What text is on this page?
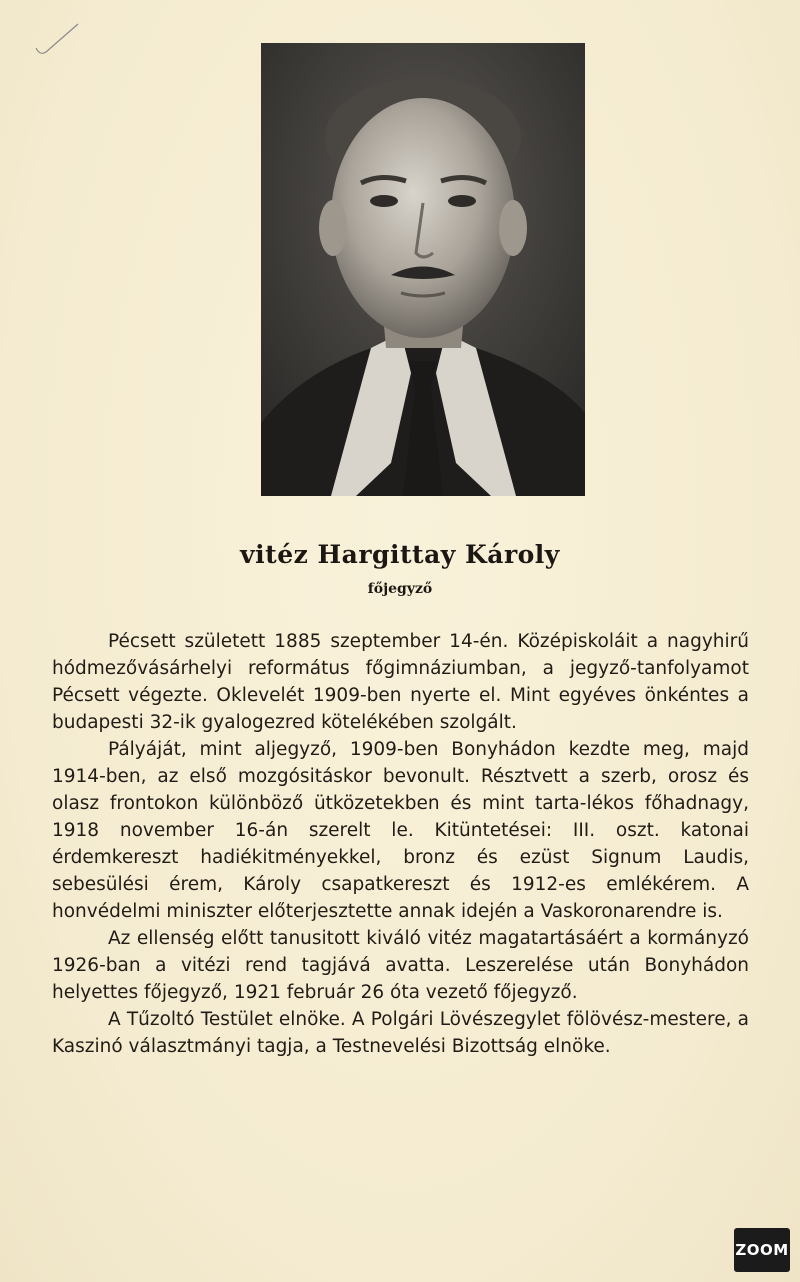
vitéz Hargittay Károly
főjegyző

Pécsett született 1885 szeptember 14-én. Középiskoláit a nagyhirű hódmezővásárhelyi református főgimnáziumban, a jegyző-tanfolyamot Pécsett végezte. Oklevelét 1909-ben nyerte el. Mint egyéves önkéntes a budapesti 32-ik gyalogezred kötelékében szolgált.

Pályáját, mint aljegyző, 1909-ben Bonyhádon kezdte meg, majd 1914-ben, az első mozgósitáskor bevonult. Résztvett a szerb, orosz és olasz frontokon különböző ütközetekben és mint tarta-lékos főhadnagy, 1918 november 16-án szerelt le. Kitüntetései: III. oszt. katonai érdemkereszt hadiékitményekkel, bronz és ezüst Signum Laudis, sebesülési érem, Károly csapatkereszt és 1912-es emlékérem. A honvédelmi miniszter előterjesztette annak idején a Vaskoronarendre is.

Az ellenség előtt tanusitott kiváló vitéz magatartásáért a kormányzó 1926-ban a vitézi rend tagjává avatta. Leszerelése után Bonyhádon helyettes főjegyző, 1921 február 26 óta vezető főjegyző.

A Tűzoltó Testület elnöke. A Polgári Lövészegylet fölövész-mestere, a Kaszinó választmányi tagja, a Testnevelési Bizottság elnöke.

ZOOM
